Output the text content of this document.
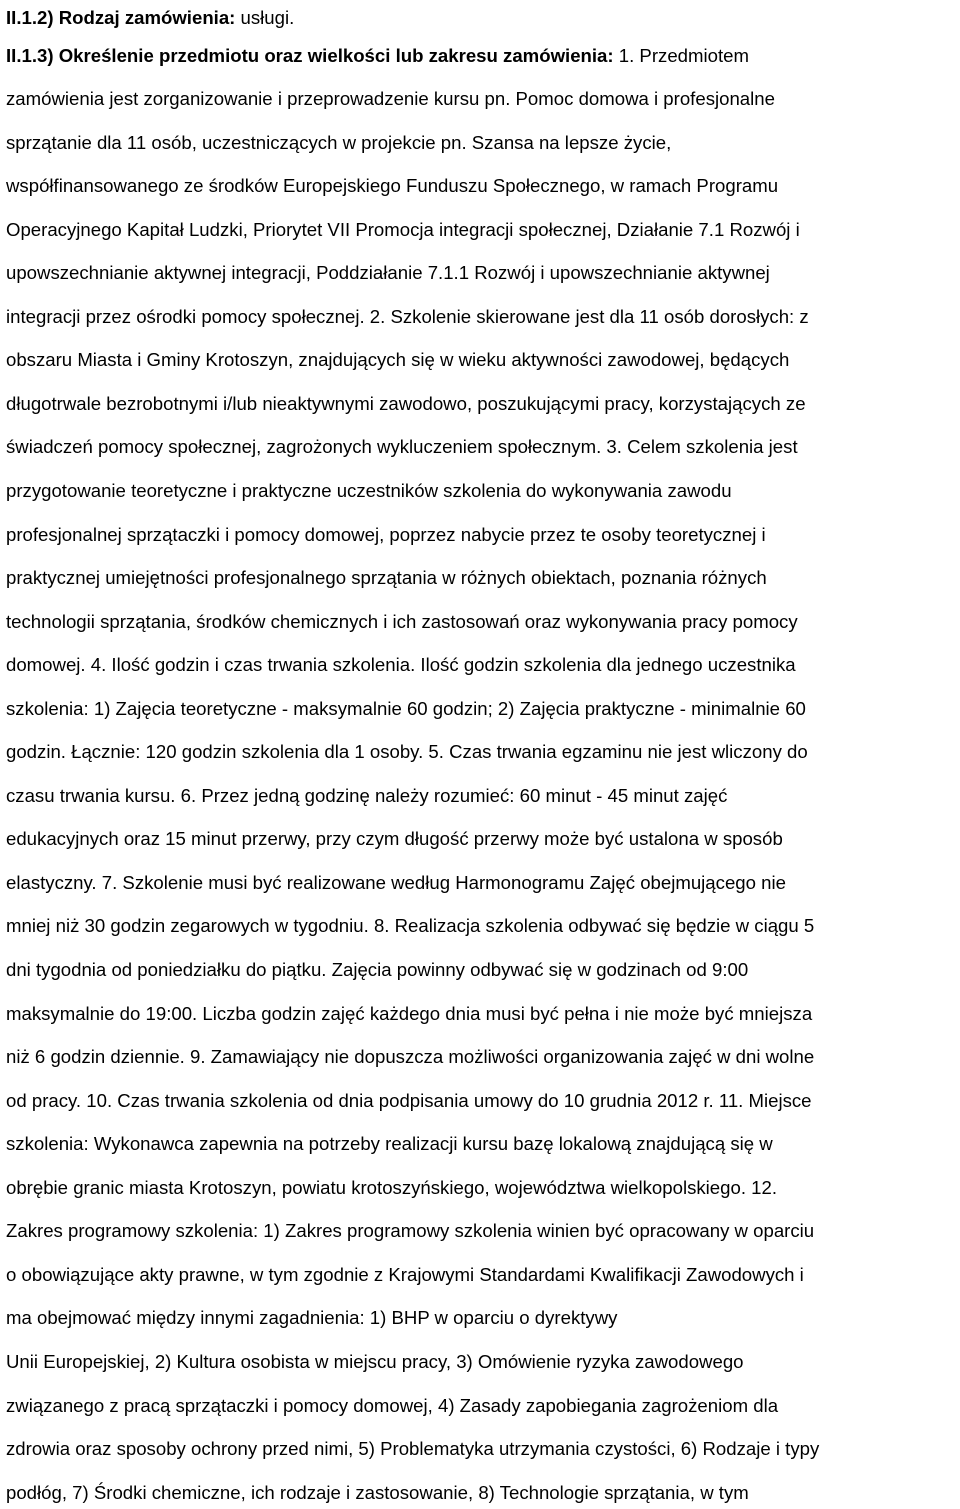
II.1.2) Rodzaj zamówienia: usługi.
II.1.3) Określenie przedmiotu oraz wielkości lub zakresu zamówienia: 1. Przedmiotem
zamówienia jest zorganizowanie i przeprowadzenie kursu pn. Pomoc domowa i profesjonalne
sprzątanie dla 11 osób, uczestniczących w projekcie pn. Szansa na lepsze życie,
współfinansowanego ze środków Europejskiego Funduszu Społecznego, w ramach Programu
Operacyjnego Kapitał Ludzki, Priorytet VII Promocja integracji społecznej, Działanie 7.1 Rozwój i
upowszechnianie aktywnej integracji, Poddziałanie 7.1.1 Rozwój i upowszechnianie aktywnej
integracji przez ośrodki pomocy społecznej. 2. Szkolenie skierowane jest dla 11 osób dorosłych: z
obszaru Miasta i Gminy Krotoszyn, znajdujących się w wieku aktywności zawodowej, będących
długotrwale bezrobotnymi i/lub nieaktywnymi zawodowo, poszukującymi pracy, korzystających ze
świadczeń pomocy społecznej, zagrożonych wykluczeniem społecznym. 3. Celem szkolenia jest
przygotowanie teoretyczne i praktyczne uczestników szkolenia do wykonywania zawodu
profesjonalnej sprzątaczki i pomocy domowej, poprzez nabycie przez te osoby teoretycznej i
praktycznej umiejętności profesjonalnego sprzątania w różnych obiektach, poznania różnych
technologii sprzątania, środków chemicznych i ich zastosowań oraz wykonywania pracy pomocy
domowej. 4. Ilość godzin i czas trwania szkolenia. Ilość godzin szkolenia dla jednego uczestnika
szkolenia: 1) Zajęcia teoretyczne - maksymalnie 60 godzin; 2) Zajęcia praktyczne - minimalnie 60
godzin. Łącznie: 120 godzin szkolenia dla 1 osoby. 5. Czas trwania egzaminu nie jest wliczony do
czasu trwania kursu. 6. Przez jedną godzinę należy rozumieć: 60 minut - 45 minut zajęć
edukacyjnych oraz 15 minut przerwy, przy czym długość przerwy może być ustalona w sposób
elastyczny. 7. Szkolenie musi być realizowane według Harmonogramu Zajęć obejmującego nie
mniej niż 30 godzin zegarowych w tygodniu. 8. Realizacja szkolenia odbywać się będzie w ciągu 5
dni tygodnia od poniedziałku do piątku. Zajęcia powinny odbywać się w godzinach od 9:00
maksymalnie do 19:00. Liczba godzin zajęć każdego dnia musi być pełna i nie może być mniejsza
niż 6 godzin dziennie. 9. Zamawiający nie dopuszcza możliwości organizowania zajęć w dni wolne
od pracy. 10. Czas trwania szkolenia od dnia podpisania umowy do 10 grudnia 2012 r. 11. Miejsce
szkolenia: Wykonawca zapewnia na potrzeby realizacji kursu bazę lokalową znajdującą się w
obrębie granic miasta Krotoszyn, powiatu krotoszyńskiego, województwa wielkopolskiego. 12.
Zakres programowy szkolenia: 1) Zakres programowy szkolenia winien być opracowany w oparciu
o obowiązujące akty prawne, w tym zgodnie z Krajowymi Standardami Kwalifikacji Zawodowych i
ma obejmować między innymi zagadnienia: 1) BHP w oparciu o dyrektywy
Unii Europejskiej, 2) Kultura osobista w miejscu pracy, 3) Omówienie ryzyka zawodowego
związanego z pracą sprzątaczki i pomocy domowej, 4) Zasady zapobiegania zagrożeniom dla
zdrowia oraz sposoby ochrony przed nimi, 5) Problematyka utrzymania czystości, 6) Rodzaje i typy
podłóg, 7) Środki chemiczne, ich rodzaje i zastosowanie, 8) Technologie sprzątania, w tym
